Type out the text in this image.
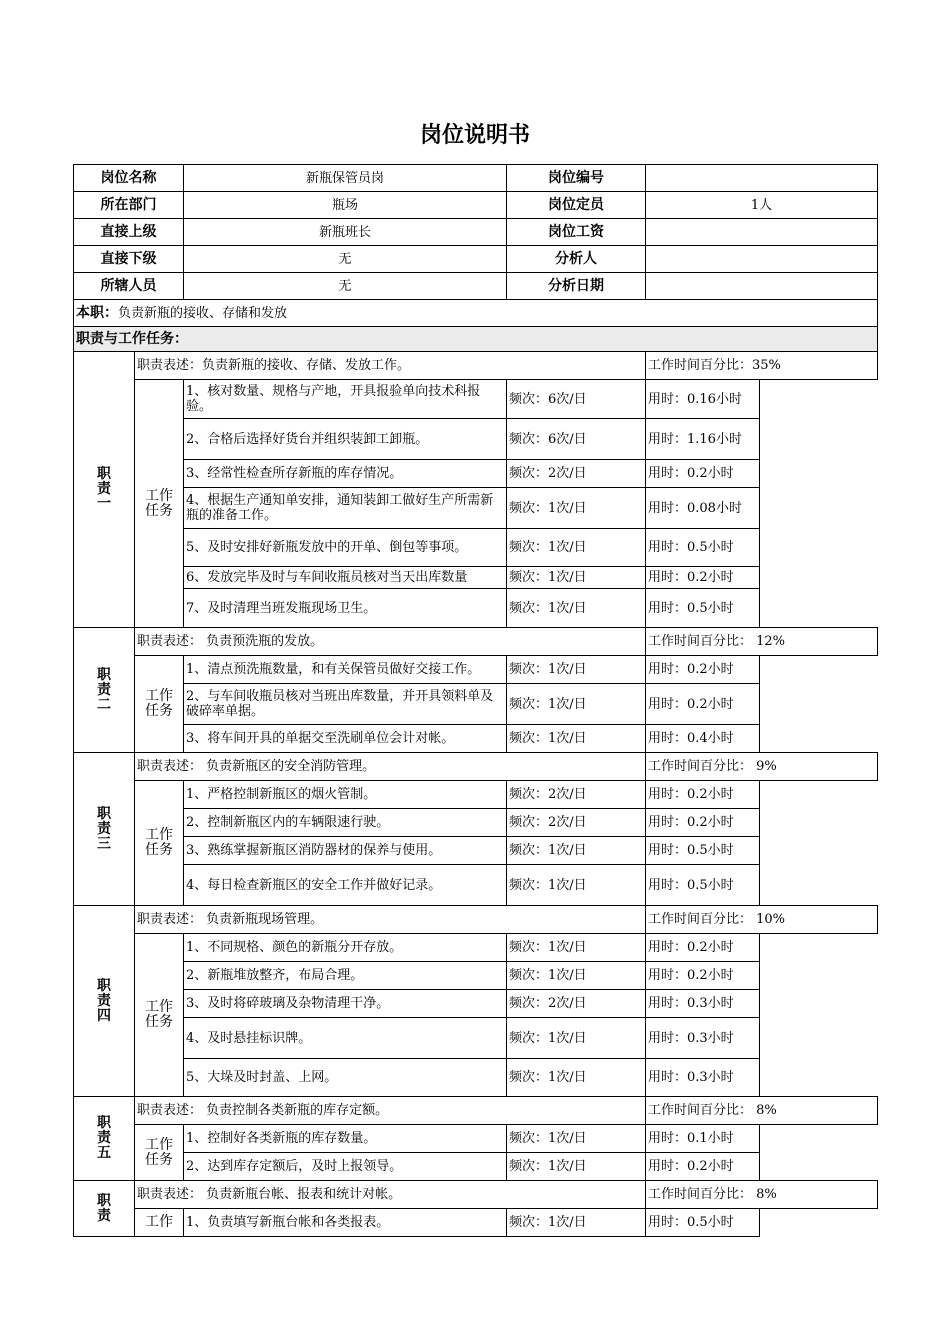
岗位说明书
岗位名称		新瓶保管员岗	岗位编号	
所在部门		瓶场	岗位定员	1人
直接上级		新瓶班长	岗位工资	
直接下级		无	分析人	
所辖人员		无	分析日期	
本职：负责新瓶的接收、存储和发放				
职责与工作任务：				
职
责
一	职责表述：负责新瓶的接收、存储、发放工作。			工作时间百分比：35%
	工作
任务	1、核对数量、规格与产地，开具报验单向技术科报验。	频次：6次/日	用时：0.16小时
		2、合格后选择好货台并组织装卸工卸瓶。	频次：6次/日	用时：1.16小时
		3、经常性检查所存新瓶的库存情况。	频次：2次/日	用时：0.2小时
		4、根据生产通知单安排，通知装卸工做好生产所需新瓶的准备工作。	频次：1次/日	用时：0.08小时
		5、及时安排好新瓶发放中的开单、倒包等事项。	频次：1次/日	用时：0.5小时
		6、发放完毕及时与车间收瓶员核对当天出库数量	频次：1次/日	用时：0.2小时
		7、及时清理当班发瓶现场卫生。	频次：1次/日	用时：0.5小时
职
责
二	职责表述： 负责预洗瓶的发放。			工作时间百分比： 12%
	工作
任务	1、清点预洗瓶数量，和有关保管员做好交接工作。	频次：1次/日	用时：0.2小时
		2、与车间收瓶员核对当班出库数量，并开具领料单及破碎率单据。	频次：1次/日	用时：0.2小时
		3、将车间开具的单据交至洗刷单位会计对帐。	频次：1次/日	用时：0.4小时
职
责
三	职责表述： 负责新瓶区的安全消防管理。			工作时间百分比： 9%
	工作
任务	1、严格控制新瓶区的烟火管制。	频次：2次/日	用时：0.2小时
		2、控制新瓶区内的车辆限速行驶。	频次：2次/日	用时：0.2小时
		3、熟练掌握新瓶区消防器材的保养与使用。	频次：1次/日	用时：0.5小时
		4、每日检查新瓶区的安全工作并做好记录。	频次：1次/日	用时：0.5小时
职
责
四	职责表述： 负责新瓶现场管理。			工作时间百分比： 10%
	工作
任务	1、不同规格、颜色的新瓶分开存放。	频次：1次/日	用时：0.2小时
		2、新瓶堆放整齐，布局合理。	频次：1次/日	用时：0.2小时
		3、及时将碎玻璃及杂物清理干净。	频次：2次/日	用时：0.3小时
		4、及时悬挂标识牌。	频次：1次/日	用时：0.3小时
		5、大垛及时封盖、上网。	频次：1次/日	用时：0.3小时
职
责
五	职责表述： 负责控制各类新瓶的库存定额。			工作时间百分比： 8%
	工作
任务	1、控制好各类新瓶的库存数量。	频次：1次/日	用时：0.1小时
		2、达到库存定额后，及时上报领导。	频次：1次/日	用时：0.2小时
职
责	职责表述： 负责新瓶台帐、报表和统计对帐。			工作时间百分比： 8%
	工作	1、负责填写新瓶台帐和各类报表。	频次：1次/日	用时：0.5小时
